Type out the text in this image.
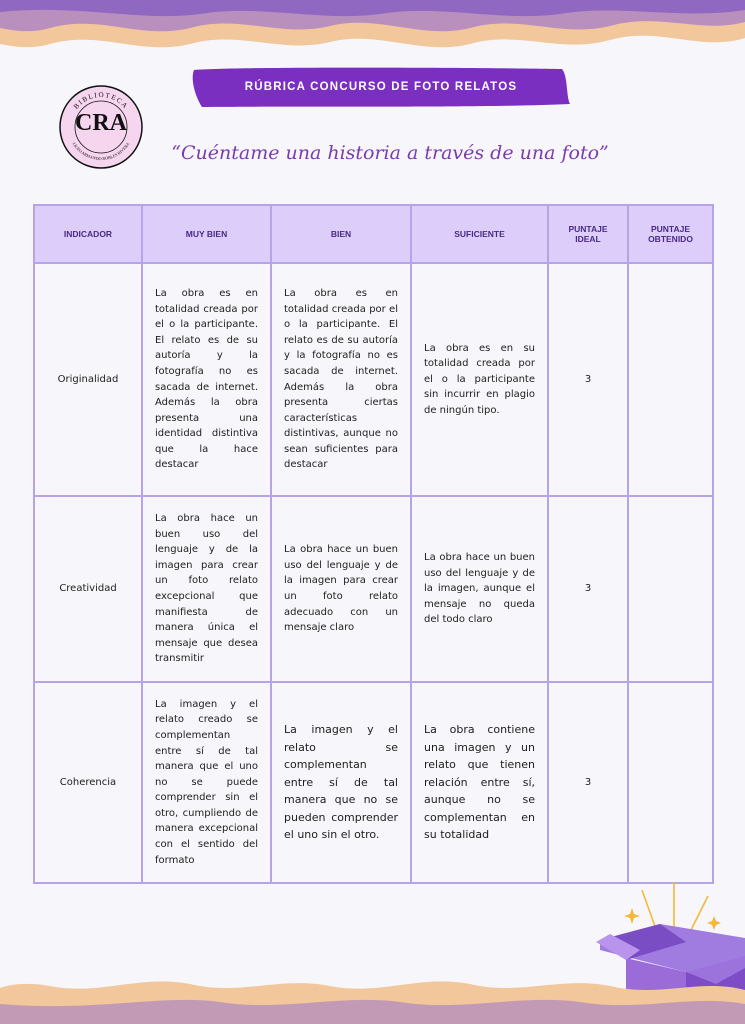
RÚBRICA CONCURSO DE FOTO RELATOS
BIBLIOTECA
LICEO ARMANDO ROBLES RIVERA
CRA
“Cuéntame una historia a través de una foto”
INDICADOR	MUY BIEN	BIEN	SUFICIENTE	PUNTAJE IDEAL	PUNTAJE OBTENIDO
Originalidad	La obra es en totalidad creada por el o la participante. El relato es de su autoría y la fotografía no es sacada de internet. Además la obra presenta una identidad distintiva que la hace destacar	La obra es en totalidad creada por el o la participante. El relato es de su autoría y la fotografía no es sacada de internet. Además la obra presenta ciertas características distintivas, aunque no sean suficientes para destacar	La obra es en su totalidad creada por el o la participante sin incurrir en plagio de ningún tipo.	3	
Creatividad	La obra hace un buen uso del lenguaje y de la imagen para crear un foto relato excepcional que manifiesta de manera única el mensaje que desea transmitir	La obra hace un buen uso del lenguaje y de la imagen para crear un foto relato adecuado con un mensaje claro	La obra hace un buen uso del lenguaje y de la imagen, aunque el mensaje no queda del todo claro	3	
Coherencia	La imagen y el relato creado se complementan entre sí de tal manera que el uno no se puede comprender sin el otro, cumpliendo de manera excepcional con el sentido del formato	La imagen y el relato se complementan entre sí de tal manera que no se pueden comprender el uno sin el otro.	La obra contiene una imagen y un relato que tienen relación entre sí, aunque no se complementan en su totalidad	3	
